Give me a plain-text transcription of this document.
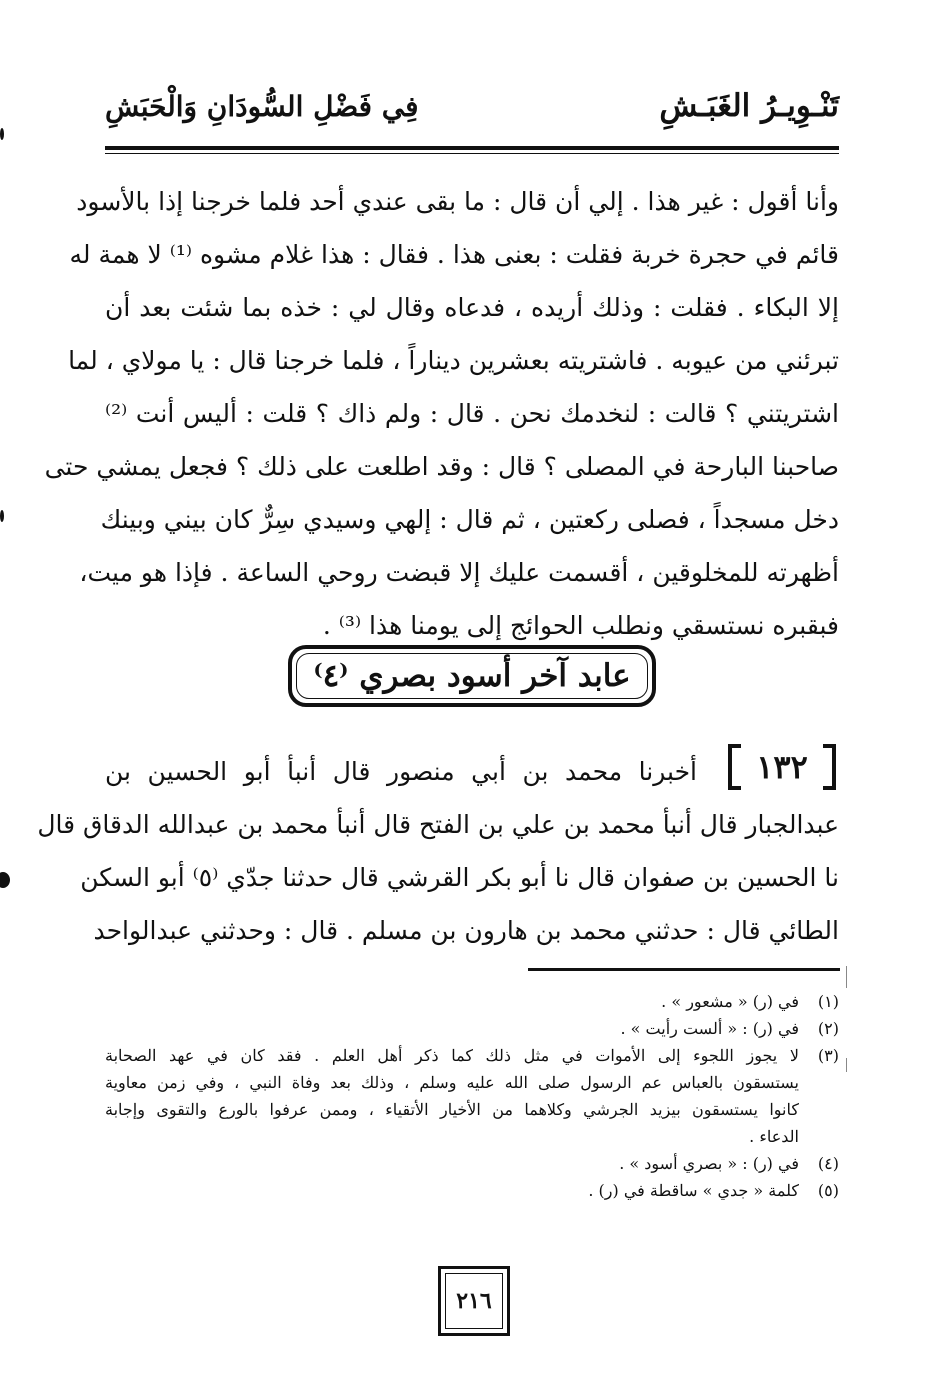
تَنْـوِيـرُ الغَبَـشِ
فِي فَضْلِ السُّودَانِ وَالْحَبَشِ
وأنا أقول : غير هذا . إلي أن قال : ما بقى عندي أحد فلما خرجنا إذا بالأسود
قائم في حجرة خربة فقلت : بعنى هذا . فقال : هذا غلام مشوه ⁽¹⁾ لا همة له
إلا البكاء . فقلت : وذلك أريده ، فدعاه وقال لي : خذه بما شئت بعد أن
تبرئني من عيوبه . فاشتريته بعشرين ديناراً ، فلما خرجنا قال : يا مولاي ، لما
اشتريتني ؟ قالت : لنخدمك نحن . قال : ولم ذاك ؟ قلت : أليس أنت ⁽²⁾
صاحبنا البارحة في المصلى ؟ قال : وقد اطلعت على ذلك ؟ فجعل يمشي حتى
دخل مسجداً ، فصلى ركعتين ، ثم قال : إلهي وسيدي سِرٌّ كان بيني وبينك
أظهرته للمخلوقين ، أقسمت عليك إلا قبضت روحي الساعة . فإذا هو ميت،
فبقبره نستسقي ونطلب الحوائج إلى يومنا هذا ⁽³⁾ .
عابد آخر أسود بصري ⁽٤⁾
١٣٢
أخبرنا محمد بن أبي منصور قال أنبأ أبو الحسين بن
عبدالجبار قال أنبأ محمد بن علي بن الفتح قال أنبأ محمد بن عبدالله الدقاق قال
نا الحسين بن صفوان قال نا أبو بكر القرشي قال حدثنا جدّي ⁽٥⁾ أبو السكن
الطائي قال : حدثني محمد بن هارون بن مسلم . قال : وحدثني عبدالواحد
(١)
في (ر) « مشعور » .
(٢)
في (ر) : « ألست رأيت » .
(٣)
لا يجوز اللجوء إلى الأموات في مثل ذلك كما ذكر أهل العلم . فقد كان في عهد الصحابة
يستسقون بالعباس عم الرسول صلى الله عليه وسلم ، وذلك بعد وفاة النبي ، وفي زمن معاوية
كانوا يستسقون بيزيد الجرشي وكلاهما من الأخيار الأتقياء ، وممن عرفوا بالورع والتقوى وإجابة
الدعاء .
(٤)
في (ر) : « بصري أسود » .
(٥)
كلمة « جدي » ساقطة في (ر) .
٢١٦
